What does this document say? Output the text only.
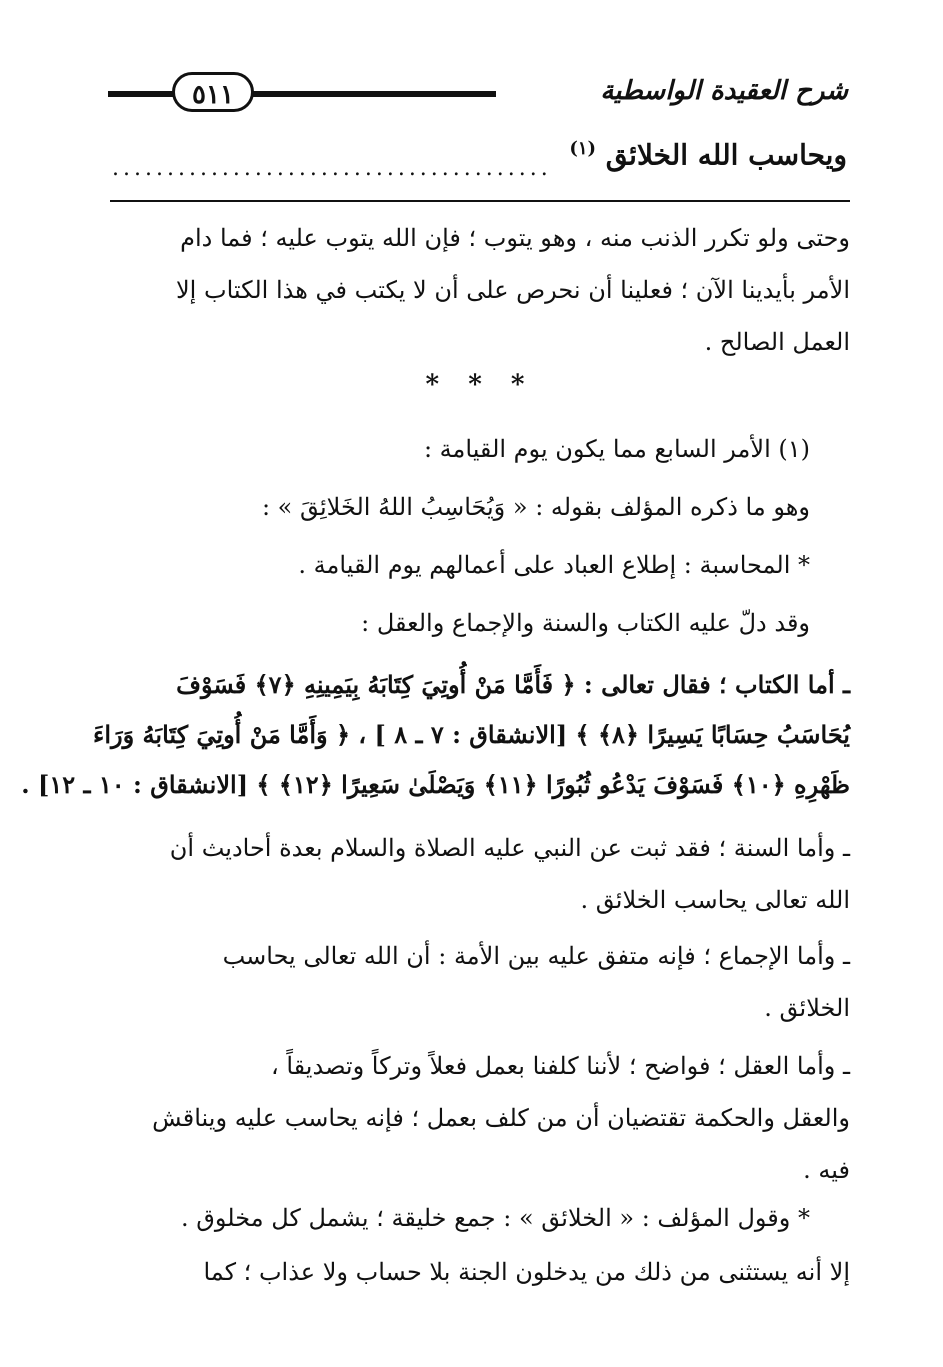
شرح العقيدة الواسطية
٥١١
ويحاسب الله الخلائق $^{(١)}$
........................................
وحتى ولو تكرر الذنب منه ، وهو يتوب ؛ فإن الله يتوب عليه ؛ فما دام
الأمر بأيدينا الآن ؛ فعلينا أن نحرص على أن لا يكتب في هذا الكتاب إلا
العمل الصالح .
* * *
(١) الأمر السابع مما يكون يوم القيامة :
وهو ما ذكره المؤلف بقوله : « وَيُحَاسِبُ اللهُ الخَلائِقَ » :
* المحاسبة : إطلاع العباد على أعمالهم يوم القيامة .
وقد دلّ عليه الكتاب والسنة والإجماع والعقل :
ـ أما الكتاب ؛ فقال تعالى : ﴿ فَأَمَّا مَنْ أُوتِيَ كِتَابَهُ بِيَمِينِهِ ﴿٧﴾ فَسَوْفَ
يُحَاسَبُ حِسَابًا يَسِيرًا ﴿٨﴾ ﴾ [الانشقاق : ٧ ـ ٨ ] ، ﴿ وَأَمَّا مَنْ أُوتِيَ كِتَابَهُ وَرَاءَ
ظَهْرِهِ ﴿١٠﴾ فَسَوْفَ يَدْعُو ثُبُورًا ﴿١١﴾ وَيَصْلَىٰ سَعِيرًا ﴿١٢﴾ ﴾ [الانشقاق : ١٠ ـ ١٢] .
ـ وأما السنة ؛ فقد ثبت عن النبي عليه الصلاة والسلام بعدة أحاديث أن
الله تعالى يحاسب الخلائق .
ـ وأما الإجماع ؛ فإنه متفق عليه بين الأمة : أن الله تعالى يحاسب
الخلائق .
ـ وأما العقل ؛ فواضح ؛ لأننا كلفنا بعمل فعلاً وتركاً وتصديقاً ،
والعقل والحكمة تقتضيان أن من كلف بعمل ؛ فإنه يحاسب عليه ويناقش
فيه .
* وقول المؤلف : « الخلائق » : جمع خليقة ؛ يشمل كل مخلوق .
إلا أنه يستثنى من ذلك من يدخلون الجنة بلا حساب ولا عذاب ؛ كما
